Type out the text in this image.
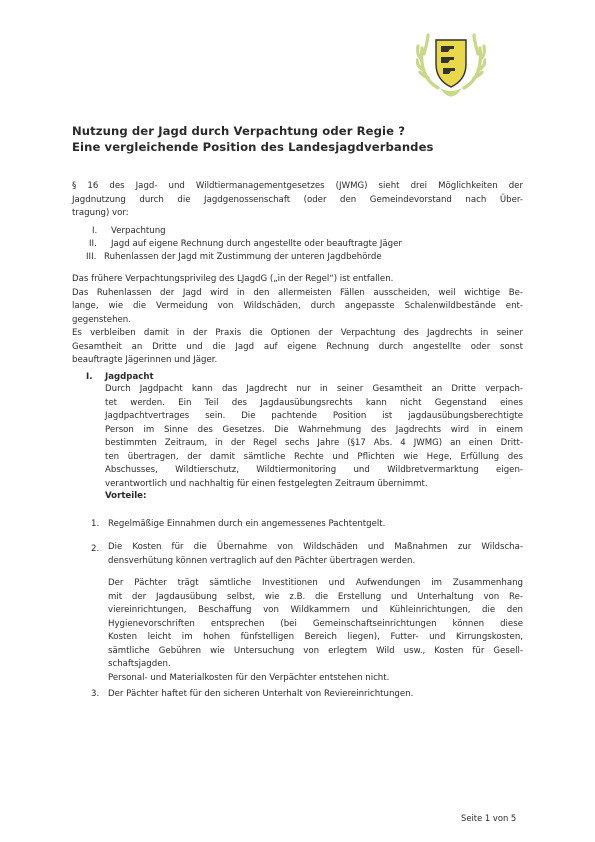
Nutzung der Jagd durch Verpachtung oder Regie ?
Eine vergleichende Position des Landesjagdverbandes
§ 16 des Jagd- und Wildtiermanagementgesetzes (JWMG) sieht drei Möglichkeiten der
Jagdnutzung durch die Jagdgenossenschaft (oder den Gemeindevorstand nach Über-
tragung) vor:
I. Verpachtung
II. Jagd auf eigene Rechnung durch angestellte oder beauftragte Jäger
III. Ruhenlassen der Jagd mit Zustimmung der unteren Jagdbehörde
Das frühere Verpachtungsprivileg des LJagdG („in der Regel“) ist entfallen.
Das Ruhenlassen der Jagd wird in den allermeisten Fällen ausscheiden, weil wichtige Be-
lange, wie die Vermeidung von Wildschäden, durch angepasste Schalenwildbestände ent-
gegenstehen.
Es verbleiben damit in der Praxis die Optionen der Verpachtung des Jagdrechts in seiner
Gesamtheit an Dritte und die Jagd auf eigene Rechnung durch angestellte oder sonst
beauftragte Jägerinnen und Jäger.
I. Jagdpacht
Durch Jagdpacht kann das Jagdrecht nur in seiner Gesamtheit an Dritte verpach-
tet werden. Ein Teil des Jagdausübungsrechts kann nicht Gegenstand eines
Jagdpachtvertrages sein. Die pachtende Position ist jagdausübungsberechtigte
Person im Sinne des Gesetzes. Die Wahrnehmung des Jagdrechts wird in einem
bestimmten Zeitraum, in der Regel sechs Jahre (§17 Abs. 4 JWMG) an einen Dritt-
ten übertragen, der damit sämtliche Rechte und Pflichten wie Hege, Erfüllung des
Abschusses, Wildtierschutz, Wildtiermonitoring und Wildbretvermarktung eigen-
verantwortlich und nachhaltig für einen festgelegten Zeitraum übernimmt.
Vorteile:
1. Regelmäßige Einnahmen durch ein angemessenes Pachtentgelt.
2. Die Kosten für die Übernahme von Wildschäden und Maßnahmen zur Wildscha-
densverhütung können vertraglich auf den Pächter übertragen werden.
Der Pächter trägt sämtliche Investitionen und Aufwendungen im Zusammenhang
mit der Jagdausübung selbst, wie z.B. die Erstellung und Unterhaltung von Re-
viereinrichtungen, Beschaffung von Wildkammern und Kühleinrichtungen, die den
Hygienevorschriften entsprechen (bei Gemeinschaftseinrichtungen können diese
Kosten leicht im hohen fünfstelligen Bereich liegen), Futter- und Kirrungskosten,
sämtliche Gebühren wie Untersuchung von erlegtem Wild usw., Kosten für Gesell-
schaftsjagden.
Personal- und Materialkosten für den Verpächter entstehen nicht.
3. Der Pächter haftet für den sicheren Unterhalt von Reviereinrichtungen.
Seite 1 von 5
